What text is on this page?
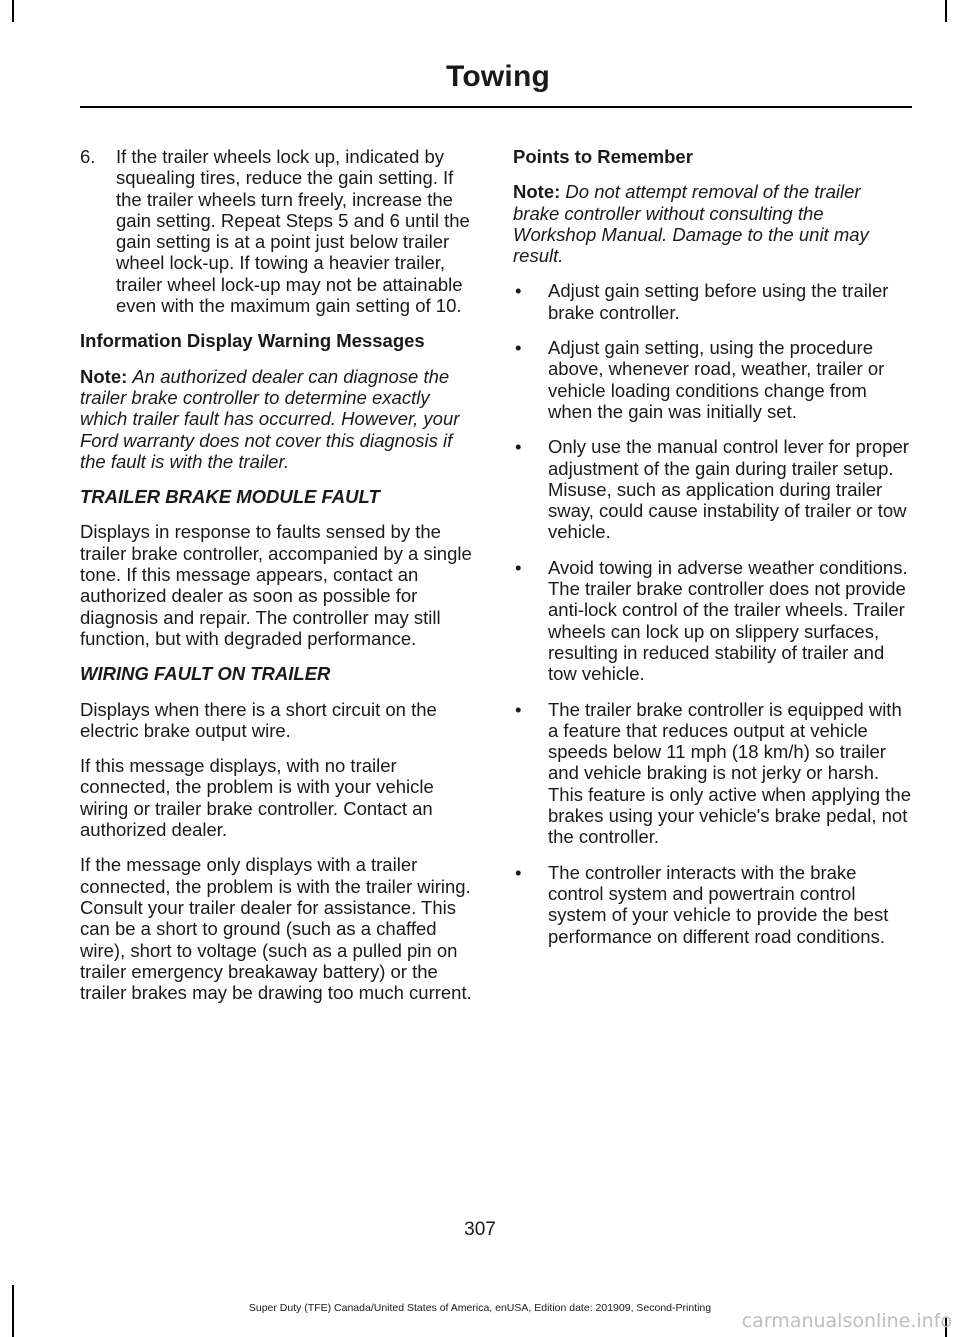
Towing
6. If the trailer wheels lock up, indicated by squealing tires, reduce the gain setting. If the trailer wheels turn freely, increase the gain setting. Repeat Steps 5 and 6 until the gain setting is at a point just below trailer wheel lock-up. If towing a heavier trailer, trailer wheel lock-up may not be attainable even with the maximum gain setting of 10.
Information Display Warning Messages

Note: An authorized dealer can diagnose the trailer brake controller to determine exactly which trailer fault has occurred. However, your Ford warranty does not cover this diagnosis if the fault is with the trailer.

TRAILER BRAKE MODULE FAULT

Displays in response to faults sensed by the trailer brake controller, accompanied by a single tone. If this message appears, contact an authorized dealer as soon as possible for diagnosis and repair. The controller may still function, but with degraded performance.

WIRING FAULT ON TRAILER

Displays when there is a short circuit on the electric brake output wire.

If this message displays, with no trailer connected, the problem is with your vehicle wiring or trailer brake controller. Contact an authorized dealer.

If the message only displays with a trailer connected, the problem is with the trailer wiring. Consult your trailer dealer for assistance. This can be a short to ground (such as a chaffed wire), short to voltage (such as a pulled pin on trailer emergency breakaway battery) or the trailer brakes may be drawing too much current.

Points to Remember

Note: Do not attempt removal of the trailer brake controller without consulting the Workshop Manual. Damage to the unit may result.

• Adjust gain setting before using the trailer brake controller.
• Adjust gain setting, using the procedure above, whenever road, weather, trailer or vehicle loading conditions change from when the gain was initially set.
• Only use the manual control lever for proper adjustment of the gain during trailer setup. Misuse, such as application during trailer sway, could cause instability of trailer or tow vehicle.
• Avoid towing in adverse weather conditions. The trailer brake controller does not provide anti-lock control of the trailer wheels. Trailer wheels can lock up on slippery surfaces, resulting in reduced stability of trailer and tow vehicle.
• The trailer brake controller is equipped with a feature that reduces output at vehicle speeds below 11 mph (18 km/h) so trailer and vehicle braking is not jerky or harsh. This feature is only active when applying the brakes using your vehicle's brake pedal, not the controller.
• The controller interacts with the brake control system and powertrain control system of your vehicle to provide the best performance on different road conditions.
307
Super Duty (TFE) Canada/United States of America, enUSA, Edition date: 201909, Second-Printing
carmanualsonline.info
